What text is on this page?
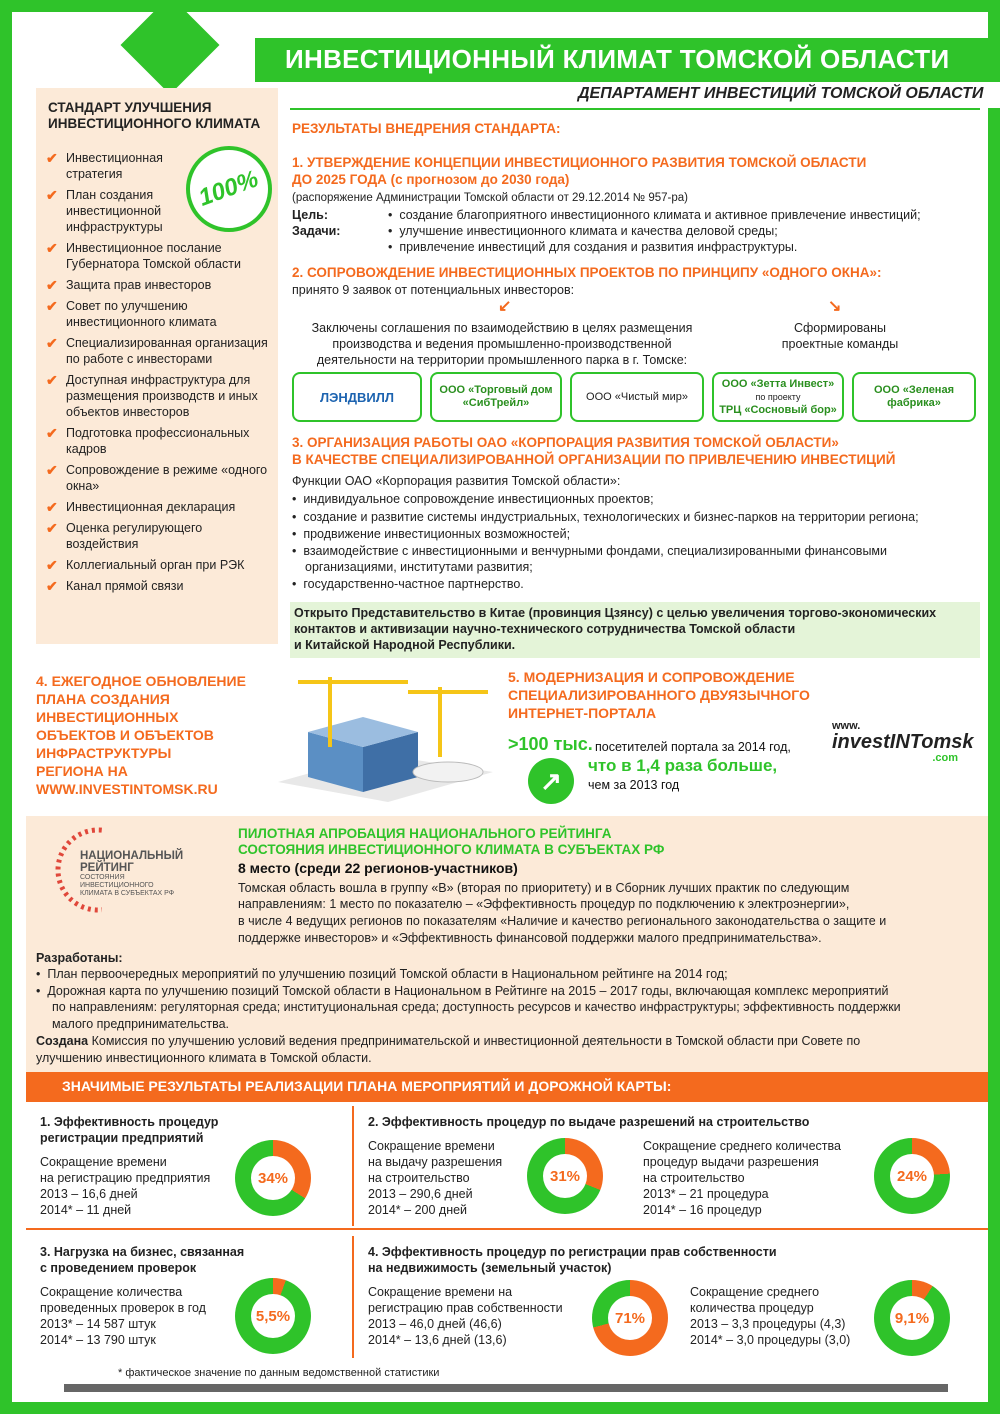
ИНВЕСТИЦИОННЫЙ КЛИМАТ ТОМСКОЙ ОБЛАСТИ
ДЕПАРТАМЕНТ ИНВЕСТИЦИЙ ТОМСКОЙ ОБЛАСТИ
СТАНДАРТ УЛУЧШЕНИЯ
ИНВЕСТИЦИОННОГО КЛИМАТА
100%
✔ Инвестиционная стратегия
✔ План создания инвестиционной инфраструктуры
✔ Инвестиционное послание Губернатора Томской области
✔ Защита прав инвесторов
✔ Совет по улучшению инвестиционного климата
✔ Специализированная организация по работе с инвесторами
✔ Доступная инфраструктура для размещения производств и иных объектов инвесторов
✔ Подготовка профессиональных кадров
✔ Сопровождение в режиме «одного окна»
✔ Инвестиционная декларация
✔ Оценка регулирующего воздействия
✔ Коллегиальный орган при РЭК
✔ Канал прямой связи
РЕЗУЛЬТАТЫ ВНЕДРЕНИЯ СТАНДАРТА:
1. УТВЕРЖДЕНИЕ КОНЦЕПЦИИ ИНВЕСТИЦИОННОГО РАЗВИТИЯ ТОМСКОЙ ОБЛАСТИ
ДО 2025 ГОДА (с прогнозом до 2030 года)
(распоряжение Администрации Томской области от 29.12.2014 № 957-ра)
Цель:	•  создание благоприятного инвестиционного климата и активное привлечение инвестиций;
Задачи:	•  улучшение инвестиционного климата и качества деловой среды;
•  привлечение инвестиций для создания и развития инфраструктуры.
2. СОПРОВОЖДЕНИЕ ИНВЕСТИЦИОННЫХ ПРОЕКТОВ ПО ПРИНЦИПУ «ОДНОГО ОКНА»:
принято 9 заявок от потенциальных инвесторов:
↙	↘
Заключены соглашения по взаимодействию в целях размещения
производства и ведения промышленно-производственной
деятельности на территории промышленного парка в г. Томске:
Сформированы
проектные команды
ЛЭНДВИЛЛ	ООО «Торговый дом
«СибТрейл»
ООО «Чистый мир»
ООО «Зетта Инвест»
по проекту
ТРЦ «Сосновый бор»
ООО «Зеленая
фабрика»
3. ОРГАНИЗАЦИЯ РАБОТЫ ОАО «КОРПОРАЦИЯ РАЗВИТИЯ ТОМСКОЙ ОБЛАСТИ»
В КАЧЕСТВЕ СПЕЦИАЛИЗИРОВАННОЙ ОРГАНИЗАЦИИ ПО ПРИВЛЕЧЕНИЮ ИНВЕСТИЦИЙ
Функции ОАО «Корпорация развития Томской области»:
•  индивидуальное сопровождение инвестиционных проектов;
•  создание и развитие системы индустриальных, технологических и бизнес-парков на территории региона;
•  продвижение инвестиционных возможностей;
•  взаимодействие с инвестиционными и венчурными фондами, специализированными финансовыми
организациями, институтами развития;
•  государственно-частное партнерство.
Открыто Представительство в Китае (провинция Цзянсу) с целью увеличения торгово-экономических
контактов и активизации научно-технического сотрудничества Томской области
и Китайской Народной Республики.
4. ЕЖЕГОДНОЕ ОБНОВЛЕНИЕ
ПЛАНА СОЗДАНИЯ
ИНВЕСТИЦИОННЫХ
ОБЪЕКТОВ И ОБЪЕКТОВ
ИНФРАСТРУКТУРЫ
РЕГИОНА НА
WWW.INVESTINTOMSK.RU
5. МОДЕРНИЗАЦИЯ И СОПРОВОЖДЕНИЕ
СПЕЦИАЛИЗИРОВАННОГО ДВУЯЗЫЧНОГО
ИНТЕРНЕТ-ПОРТАЛА
>100 тыс. посетителей портала за 2014 год,
↗	что в 1,4 раза больше,
чем за 2013 год
www.
investINTomsk
.com
НАЦИОНАЛЬНЫЙ
РЕЙТИНГ
СОСТОЯНИЯ
ИНВЕСТИЦИОННОГО
КЛИМАТА В СУБЪЕКТАХ РФ
ПИЛОТНАЯ АПРОБАЦИЯ НАЦИОНАЛЬНОГО РЕЙТИНГА
СОСТОЯНИЯ ИНВЕСТИЦИОННОГО КЛИМАТА В СУБЪЕКТАХ РФ
8 место (среди 22 регионов-участников)
Томская область вошла в группу «В» (вторая по приоритету) и в Сборник лучших практик по следующим
направлениям: 1 место по показателю – «Эффективность процедур по подключению к электроэнергии»,
в числе 4 ведущих регионов по показателям «Наличие и качество регионального законодательства о защите и
поддержке инвесторов» и «Эффективность финансовой поддержки малого предпринимательства».
Разработаны:
•  План первоочередных мероприятий по улучшению позиций Томской области в Национальном рейтинге на 2014 год;
•  Дорожная карта по улучшению позиций Томской области в Национальном в Рейтинге на 2015 – 2017 годы, включающая комплекс мероприятий
по направлениям: регуляторная среда; институциональная среда; доступность ресурсов и качество инфраструктуры; эффективность поддержки
малого предпринимательства.
Создана Комиссия по улучшению условий ведения предпринимательской и инвестиционной деятельности в Томской области при Совете по
улучшению инвестиционного климата в Томской области.
ЗНАЧИМЫЕ РЕЗУЛЬТАТЫ РЕАЛИЗАЦИИ ПЛАНА МЕРОПРИЯТИЙ И ДОРОЖНОЙ КАРТЫ:
1. Эффективность процедур
регистрации предприятий
Сокращение времени
на регистрацию предприятия
2013 – 16,6 дней
2014* – 11 дней
34%
2. Эффективность процедур по выдаче разрешений на строительство
Сокращение времени
на выдачу разрешения
на строительство
2013 – 290,6 дней
2014* – 200 дней
31%
Сокращение среднего количества
процедур выдачи разрешения
на строительство
2013* – 21 процедура
2014* – 16 процедур
24%
3. Нагрузка на бизнес, связанная
с проведением проверок
Сокращение количества
проведенных проверок в год
2013* – 14 587 штук
2014* – 13 790 штук
5,5%
4. Эффективность процедур по регистрации прав собственности
на недвижимость (земельный участок)
Сокращение времени на
регистрацию прав собственности
2013 – 46,0 дней (46,6)
2014* – 13,6 дней (13,6)
71%
Сокращение среднего
количества процедур
2013 – 3,3 процедуры (4,3)
2014* – 3,0 процедуры (3,0)
9,1%
* фактическое значение по данным ведомственной статистики
